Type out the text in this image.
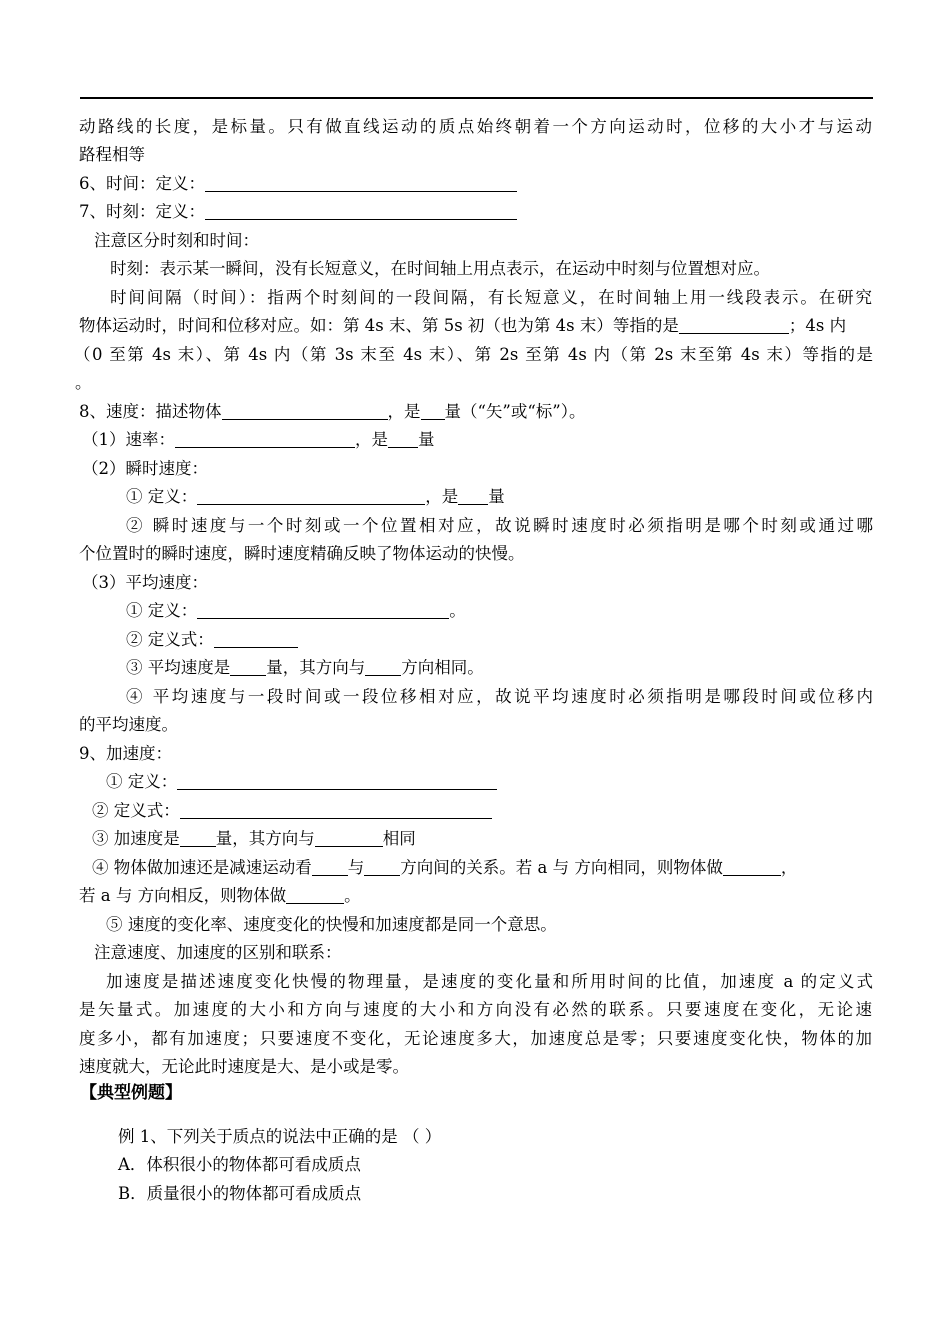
动路线的长度，是标量。只有做直线运动的质点始终朝着一个方向运动时，位移的大小才与运动
路程相等
6、时间：定义：
7、时刻：定义：
注意区分时刻和时间：
时刻：表示某一瞬间，没有长短意义，在时间轴上用点表示，在运动中时刻与位置想对应。
时间间隔（时间）：指两个时刻间的一段间隔，有长短意义，在时间轴上用一线段表示。在研究
物体运动时，时间和位移对应。如：第 4s 末、第 5s 初（也为第 4s 末）等指的是	；4s 内
（0 至第 4s 末）、第 4s 内（第 3s 末至 4s 末）、第 2s 至第 4s 内（第 2s 末至第 4s 末）等指的是
。
8、速度：描述物体	，是 量（“矢”或“标”）。
（1）速率：	，是 量
（2）瞬时速度：
① 定义：	，是 量
② 瞬时速度与一个时刻或一个位置相对应，故说瞬时速度时必须指明是哪个时刻或通过哪
个位置时的瞬时速度，瞬时速度精确反映了物体运动的快慢。
（3）平均速度：
① 定义：	。
② 定义式：
③ 平均速度是 量，其方向与 方向相同。
④ 平均速度与一段时间或一段位移相对应，故说平均速度时必须指明是哪段时间或位移内
的平均速度。
9、加速度：
① 定义：
② 定义式：
③ 加速度是 量，其方向与	相同
④ 物体做加速还是减速运动看 与 方向间的关系。若 a 与 方向相同，则物体做	，
若 a 与 方向相反，则物体做	。
⑤ 速度的变化率、速度变化的快慢和加速度都是同一个意思。
注意速度、加速度的区别和联系：
加速度是描述速度变化快慢的物理量，是速度的变化量和所用时间的比值，加速度 a 的定义式
是矢量式。加速度的大小和方向与速度的大小和方向没有必然的联系。只要速度在变化，无论速
度多小，都有加速度；只要速度不变化，无论速度多大，加速度总是零；只要速度变化快，物体的加
速度就大，无论此时速度是大、是小或是零。
【典型例题】
例 1、下列关于质点的说法中正确的是 （ ）
A．体积很小的物体都可看成质点
B．质量很小的物体都可看成质点
